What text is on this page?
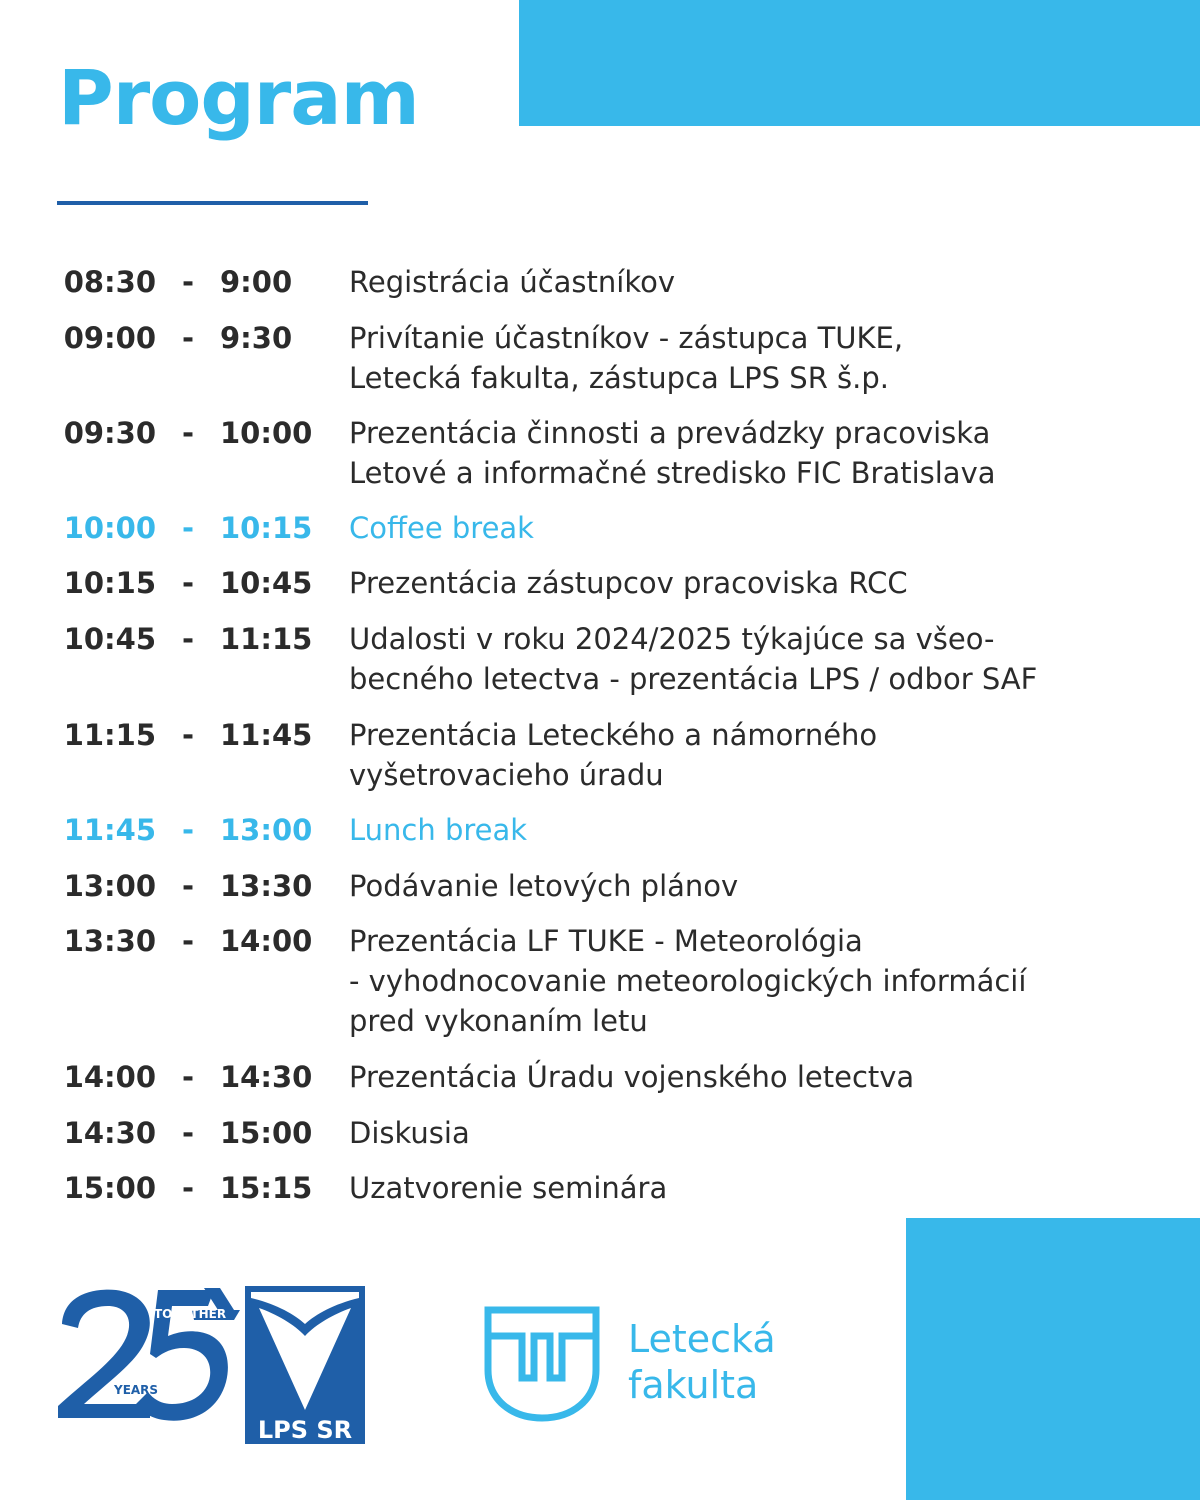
Program
08:30 - 9:00 Registrácia účastníkov
09:00 - 9:30 Privítanie účastníkov - zástupca TUKE,
Letecká fakulta, zástupca LPS SR š.p.
09:30 - 10:00 Prezentácia činnosti a prevádzky pracoviska
Letové a informačné stredisko FIC Bratislava
10:00 - 10:15 Coffee break
10:15 - 10:45 Prezentácia zástupcov pracoviska RCC
10:45 - 11:15 Udalosti v roku 2024/2025 týkajúce sa všeo-
becného letectva - prezentácia LPS / odbor SAF
11:15 - 11:45 Prezentácia Leteckého a námorného
vyšetrovacieho úradu
11:45 - 13:00 Lunch break
13:00 - 13:30 Podávanie letových plánov
13:30 - 14:00 Prezentácia LF TUKE - Meteorológia
- vyhodnocovanie meteorologických informácií
pred vykonaním letu
14:00 - 14:30 Prezentácia Úradu vojenského letectva
14:30 - 15:00 Diskusia
15:00 - 15:15 Uzatvorenie seminára
TOGETHER
YEARS
LPS SR
Letecká
fakulta
